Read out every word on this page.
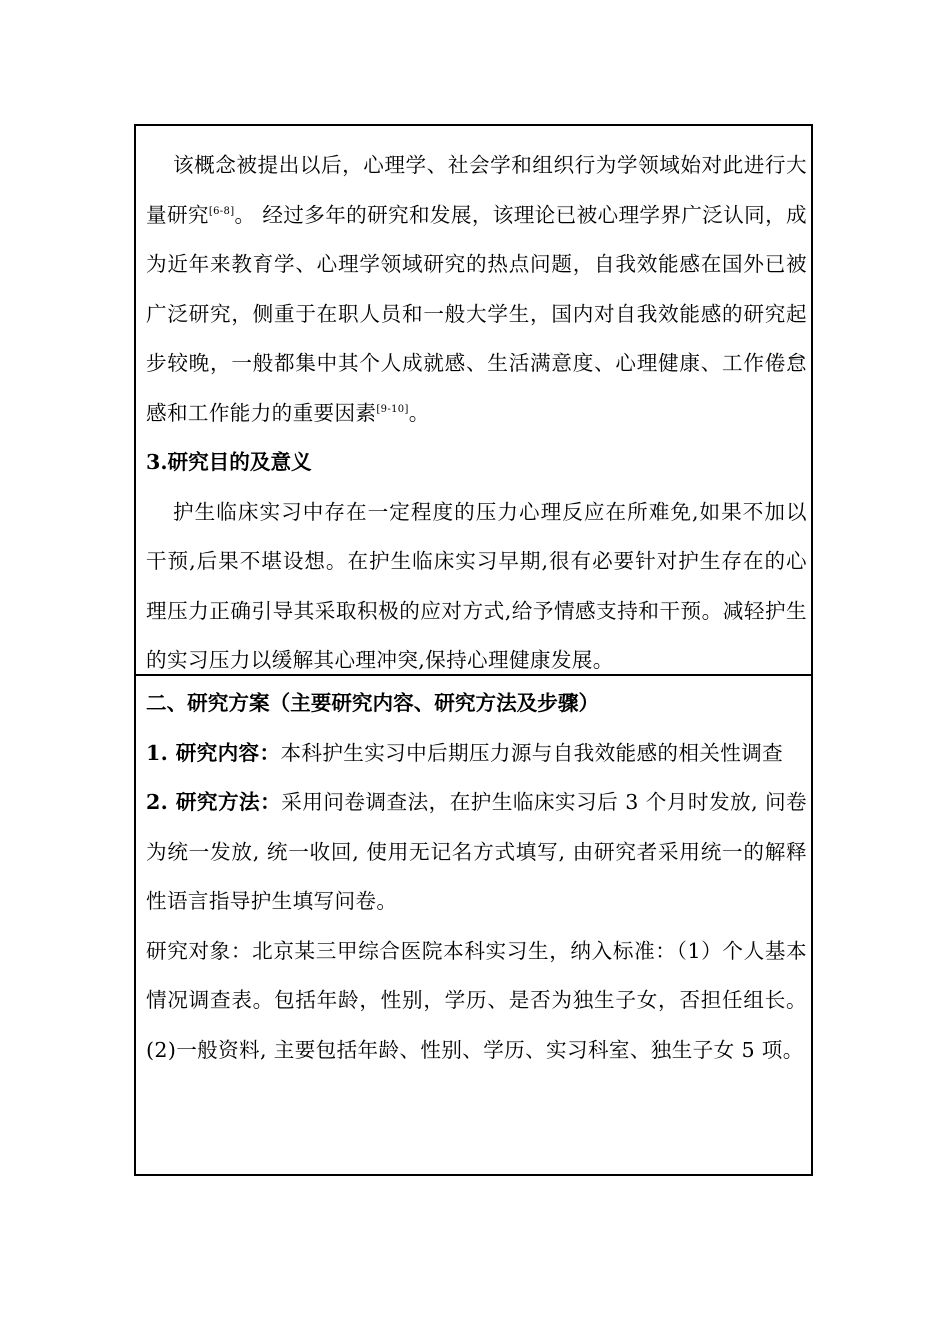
该概念被提出以后，心理学、社会学和组织行为学领域始对此进行大量研究[6-8]。 经过多年的研究和发展，该理论已被心理学界广泛认同，成为近年来教育学、心理学领域研究的热点问题，自我效能感在国外已被广泛研究，侧重于在职人员和一般大学生，国内对自我效能感的研究起步较晚，一般都集中其个人成就感、生活满意度、心理健康、工作倦怠感和工作能力的重要因素[9-10]。

3.研究目的及意义

护生临床实习中存在一定程度的压力心理反应在所难免,如果不加以干预,后果不堪设想。在护生临床实习早期,很有必要针对护生存在的心理压力正确引导其采取积极的应对方式,给予情感支持和干预。减轻护生的实习压力以缓解其心理冲突,保持心理健康发展。

二、研究方案（主要研究内容、研究方法及步骤）

1. 研究内容：本科护生实习中后期压力源与自我效能感的相关性调查

2. 研究方法：采用问卷调查法，在护生临床实习后 3 个月时发放, 问卷为统一发放, 统一收回, 使用无记名方式填写, 由研究者采用统一的解释性语言指导护生填写问卷。

研究对象：北京某三甲综合医院本科实习生，纳入标准：（1）个人基本情况调查表。包括年龄，性别，学历、是否为独生子女，否担任组长。(2)一般资料, 主要包括年龄、性别、学历、实习科室、独生子女 5 项。
